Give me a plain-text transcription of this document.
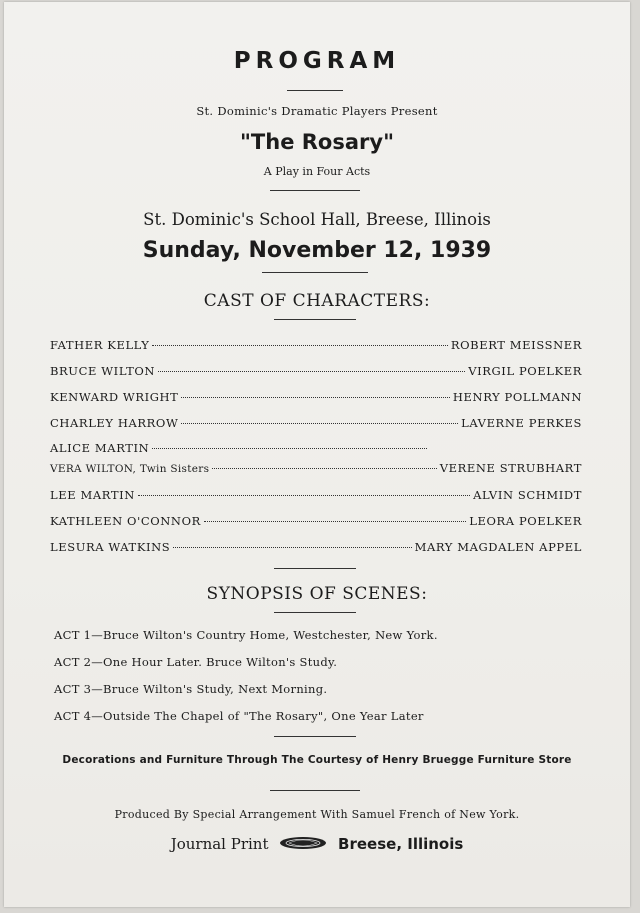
PROGRAM
St. Dominic's Dramatic Players Present
"The Rosary"
A Play in Four Acts
St. Dominic's School Hall, Breese, Illinois
Sunday, November 12, 1939
CAST OF CHARACTERS:
FATHER KELLY	ROBERT MEISSNER
BRUCE WILTON	VIRGIL POELKER
KENWARD WRIGHT	HENRY POLLMANN
CHARLEY HARROW	LAVERNE PERKES
ALICE MARTIN
VERA WILTON, Twin Sisters	VERENE STRUBHART
LEE MARTIN	ALVIN SCHMIDT
KATHLEEN O'CONNOR	LEORA POELKER
LESURA WATKINS	MARY MAGDALEN APPEL
SYNOPSIS OF SCENES:
ACT 1—Bruce Wilton's Country Home, Westchester, New York.
ACT 2—One Hour Later. Bruce Wilton's Study.
ACT 3—Bruce Wilton's Study, Next Morning.
ACT 4—Outside The Chapel of "The Rosary", One Year Later
Decorations and Furniture Through The Courtesy of Henry Bruegge Furniture Store
Produced By Special Arrangement With Samuel French of New York.
Journal Print	Breese, Illinois
